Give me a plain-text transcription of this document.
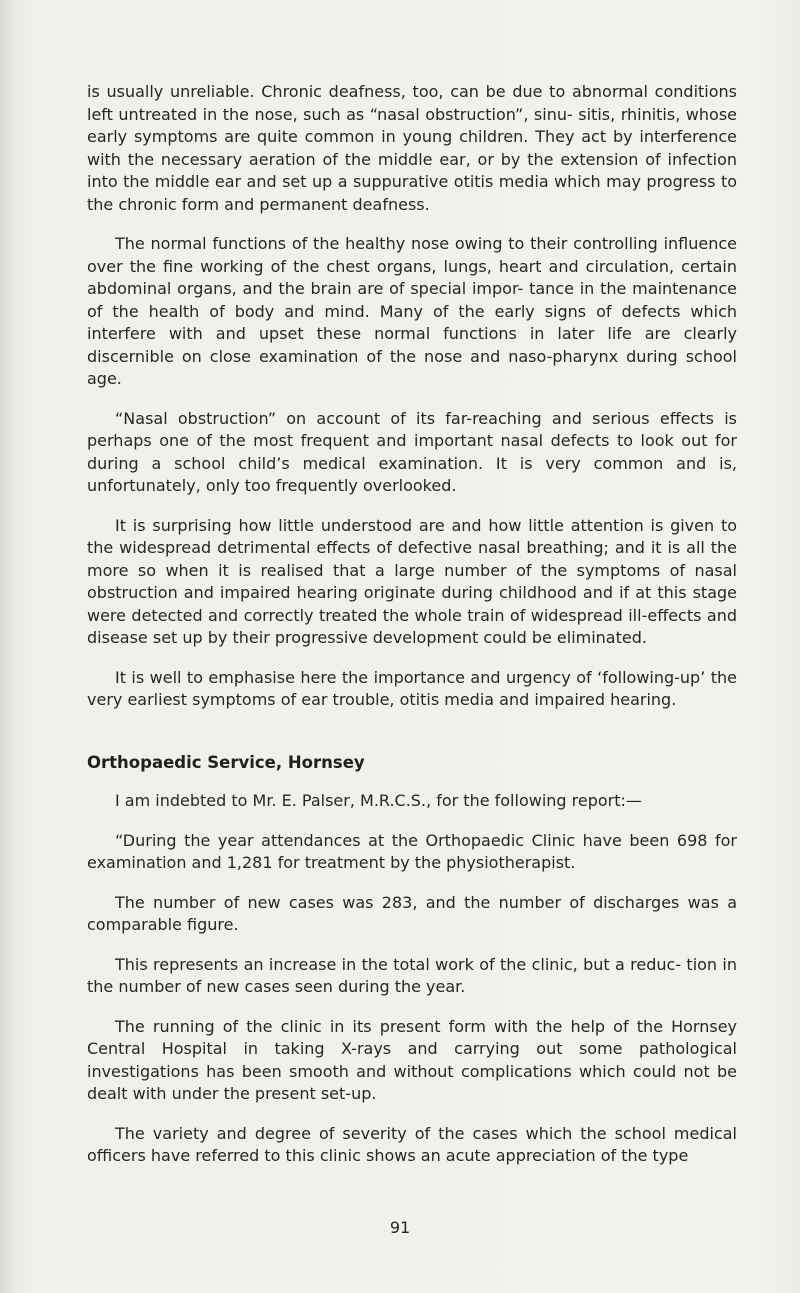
is usually unreliable. Chronic deafness, too, can be due to abnormal conditions left untreated in the nose, such as “nasal obstruction”, sinu- sitis, rhinitis, whose early symptoms are quite common in young children. They act by interference with the necessary aeration of the middle ear, or by the extension of infection into the middle ear and set up a suppurative otitis media which may progress to the chronic form and permanent deafness.

The normal functions of the healthy nose owing to their controlling influence over the fine working of the chest organs, lungs, heart and circulation, certain abdominal organs, and the brain are of special impor- tance in the maintenance of the health of body and mind. Many of the early signs of defects which interfere with and upset these normal functions in later life are clearly discernible on close examination of the nose and naso-pharynx during school age.

“Nasal obstruction” on account of its far-reaching and serious effects is perhaps one of the most frequent and important nasal defects to look out for during a school child’s medical examination. It is very common and is, unfortunately, only too frequently overlooked.

It is surprising how little understood are and how little attention is given to the widespread detrimental effects of defective nasal breathing; and it is all the more so when it is realised that a large number of the symptoms of nasal obstruction and impaired hearing originate during childhood and if at this stage were detected and correctly treated the whole train of widespread ill-effects and disease set up by their progressive development could be eliminated.

It is well to emphasise here the importance and urgency of ‘following-up’ the very earliest symptoms of ear trouble, otitis media and impaired hearing.

Orthopaedic Service, Hornsey

I am indebted to Mr. E. Palser, M.R.C.S., for the following report:—

“During the year attendances at the Orthopaedic Clinic have been 698 for examination and 1,281 for treatment by the physiotherapist.

The number of new cases was 283, and the number of discharges was a comparable figure.

This represents an increase in the total work of the clinic, but a reduc- tion in the number of new cases seen during the year.

The running of the clinic in its present form with the help of the Hornsey Central Hospital in taking X-rays and carrying out some pathological investigations has been smooth and without complications which could not be dealt with under the present set-up.

The variety and degree of severity of the cases which the school medical officers have referred to this clinic shows an acute appreciation of the type

91
